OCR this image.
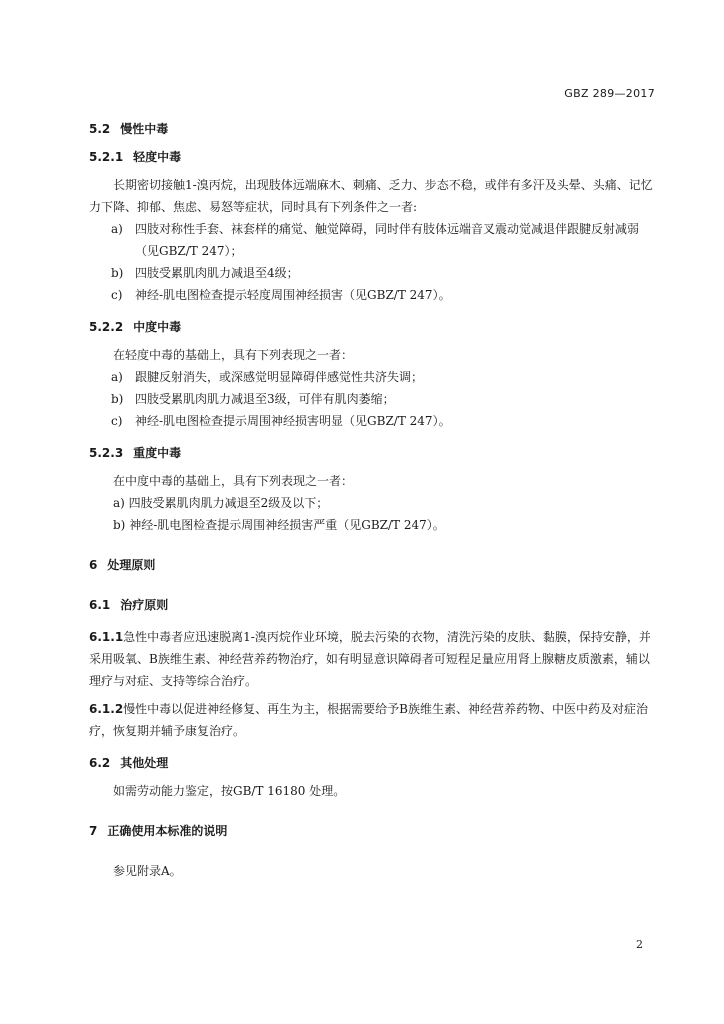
GBZ 289—2017
5.2 慢性中毒
5.2.1 轻度中毒
长期密切接触1-溴丙烷，出现肢体远端麻木、刺痛、乏力、步态不稳，或伴有多汗及头晕、头痛、记忆力下降、抑郁、焦虑、易怒等症状，同时具有下列条件之一者:
a) 四肢对称性手套、袜套样的痛觉、触觉障碍，同时伴有肢体远端音叉震动觉减退伴跟腱反射减弱（见GBZ/T 247）；
b) 四肢受累肌肉肌力减退至4级；
c) 神经-肌电图检查提示轻度周围神经损害（见GBZ/T 247）。
5.2.2 中度中毒
在轻度中毒的基础上，具有下列表现之一者：
a) 跟腱反射消失，或深感觉明显障碍伴感觉性共济失调；
b) 四肢受累肌肉肌力减退至3级，可伴有肌肉萎缩；
c) 神经-肌电图检查提示周围神经损害明显（见GBZ/T 247）。
5.2.3 重度中毒
在中度中毒的基础上，具有下列表现之一者：
a) 四肢受累肌肉肌力减退至2级及以下；
b) 神经-肌电图检查提示周围神经损害严重（见GBZ/T 247）。
6 处理原则
6.1 治疗原则
6.1.1急性中毒者应迅速脱离1-溴丙烷作业环境，脱去污染的衣物，清洗污染的皮肤、黏膜，保持安静，并采用吸氧、B族维生素、神经营养药物治疗，如有明显意识障碍者可短程足量应用肾上腺糖皮质激素，辅以理疗与对症、支持等综合治疗。
6.1.2慢性中毒以促进神经修复、再生为主，根据需要给予B族维生素、神经营养药物、中医中药及对症治疗，恢复期并辅予康复治疗。
6.2 其他处理
如需劳动能力鉴定，按GB/T 16180 处理。
7 正确使用本标准的说明
参见附录A。
2
